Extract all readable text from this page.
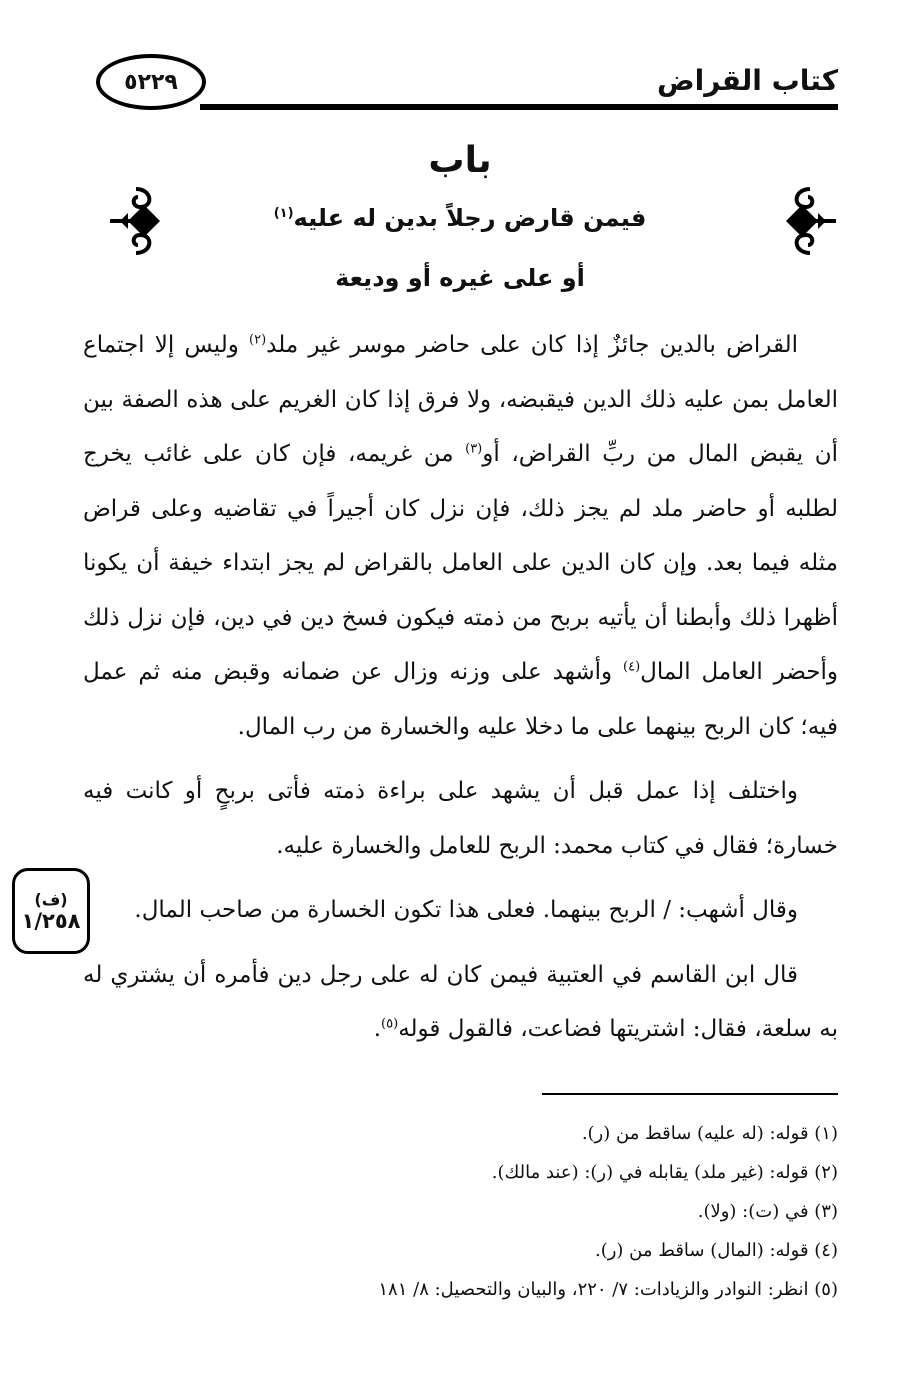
كتاب القراض
٥٢٢٩
باب
فيمن قارض رجلاً بدين له عليه$^{(١)}$
أو على غيره أو وديعة

القراض بالدين جائزٌ إذا كان على حاضر موسر غير ملد$^{(٢)}$ وليس إلا اجتماع العامل بمن عليه ذلك الدين فيقبضه، ولا فرق إذا كان الغريم على هذه الصفة بين أن يقبض المال من ربِّ القراض، أو$^{(٣)}$ من غريمه، فإن كان على غائب يخرج لطلبه أو حاضر ملد لم يجز ذلك، فإن نزل كان أجيراً في تقاضيه وعلى قراض مثله فيما بعد. وإن كان الدين على العامل بالقراض لم يجز ابتداء خيفة أن يكونا أظهرا ذلك وأبطنا أن يأتيه بربح من ذمته فيكون فسخ دين في دين، فإن نزل ذلك وأحضر العامل المال$^{(٤)}$ وأشهد على وزنه وزال عن ضمانه وقبض منه ثم عمل فيه؛ كان الربح بينهما على ما دخلا عليه والخسارة من رب المال.

واختلف إذا عمل قبل أن يشهد على براءة ذمته فأتى بربحٍ أو كانت فيه خسارة؛ فقال في كتاب محمد: الربح للعامل والخسارة عليه.

وقال أشهب: / الربح بينهما. فعلى هذا تكون الخسارة من صاحب المال.

قال ابن القاسم في العتبية فيمن كان له على رجل دين فأمره أن يشتري له به سلعة، فقال: اشتريتها فضاعت، فالقول قوله$^{(٥)}$.

(ف)
١/٢٥٨
(١) قوله: (له عليه) ساقط من (ر).
(٢) قوله: (غير ملد) يقابله في (ر): (عند مالك).
(٣) في (ت): (ولا).
(٤) قوله: (المال) ساقط من (ر).
(٥) انظر: النوادر والزيادات: ٧/ ٢٢٠، والبيان والتحصيل: ٨/ ١٨١
